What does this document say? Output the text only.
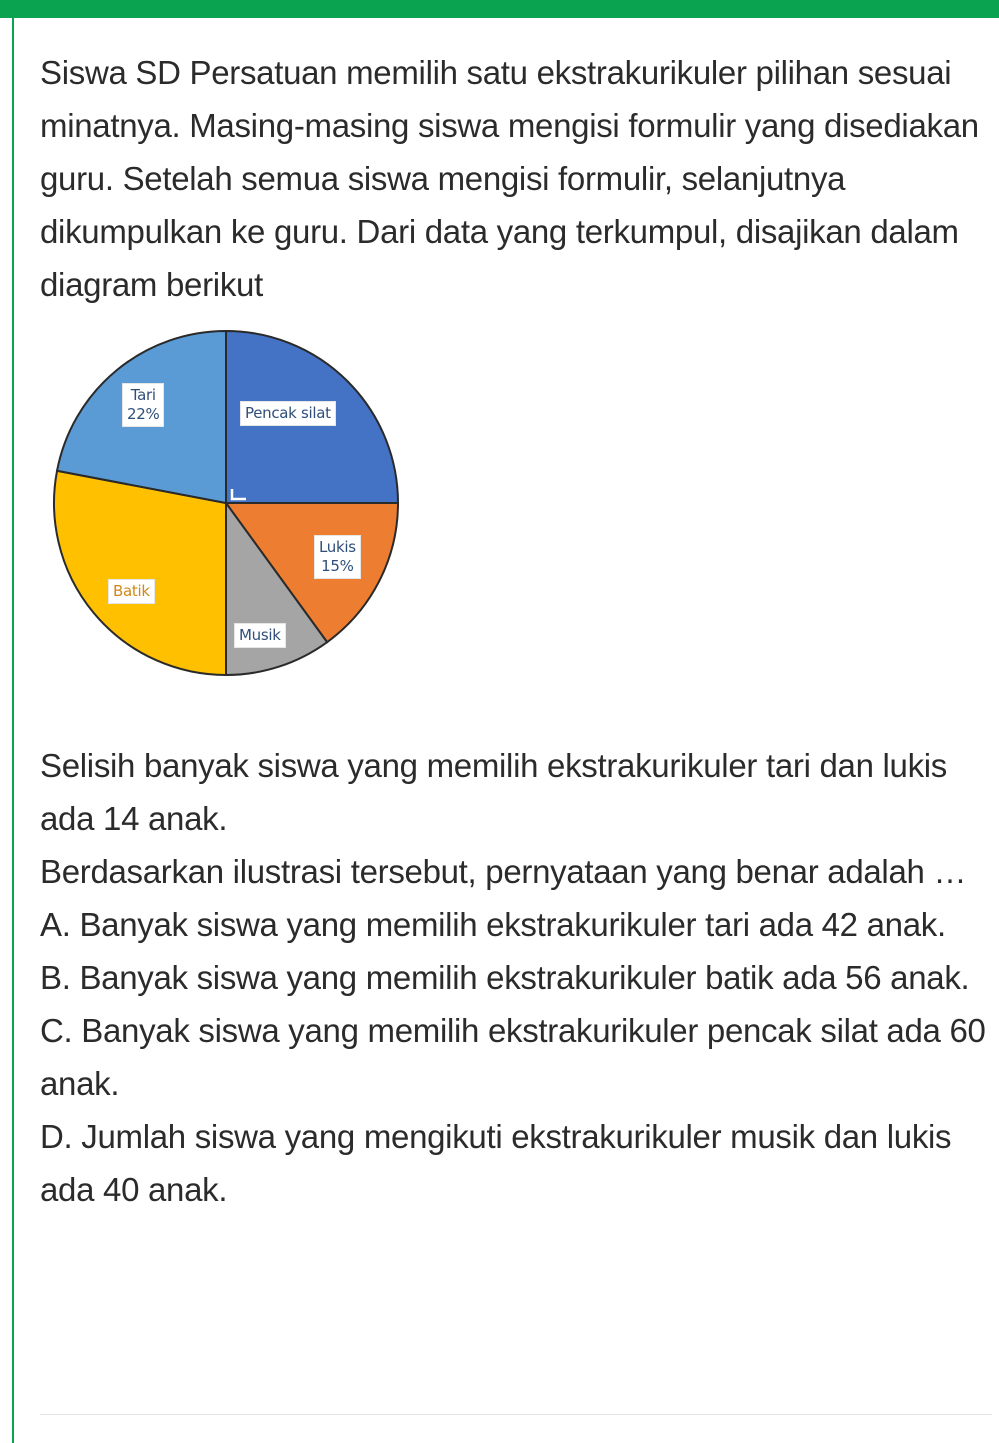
Siswa SD Persatuan memilih satu ekstrakurikuler pilihan sesuai minatnya. Masing-masing siswa mengisi formulir yang disediakan guru. Setelah semua siswa mengisi formulir, selanjutnya dikumpulkan ke guru. Dari data yang terkumpul, disajikan dalam diagram berikut

Tari
22%	Pencak silat
Lukis
15%
Musik
Batik

Selisih banyak siswa yang memilih ekstrakurikuler tari dan lukis ada 14 anak.

Berdasarkan ilustrasi tersebut, pernyataan yang benar adalah …

A. Banyak siswa yang memilih ekstrakurikuler tari ada 42 anak.

B. Banyak siswa yang memilih ekstrakurikuler batik ada 56 anak.

C. Banyak siswa yang memilih ekstrakurikuler pencak silat ada 60 anak.

D. Jumlah siswa yang mengikuti ekstrakurikuler musik dan lukis ada 40 anak.
